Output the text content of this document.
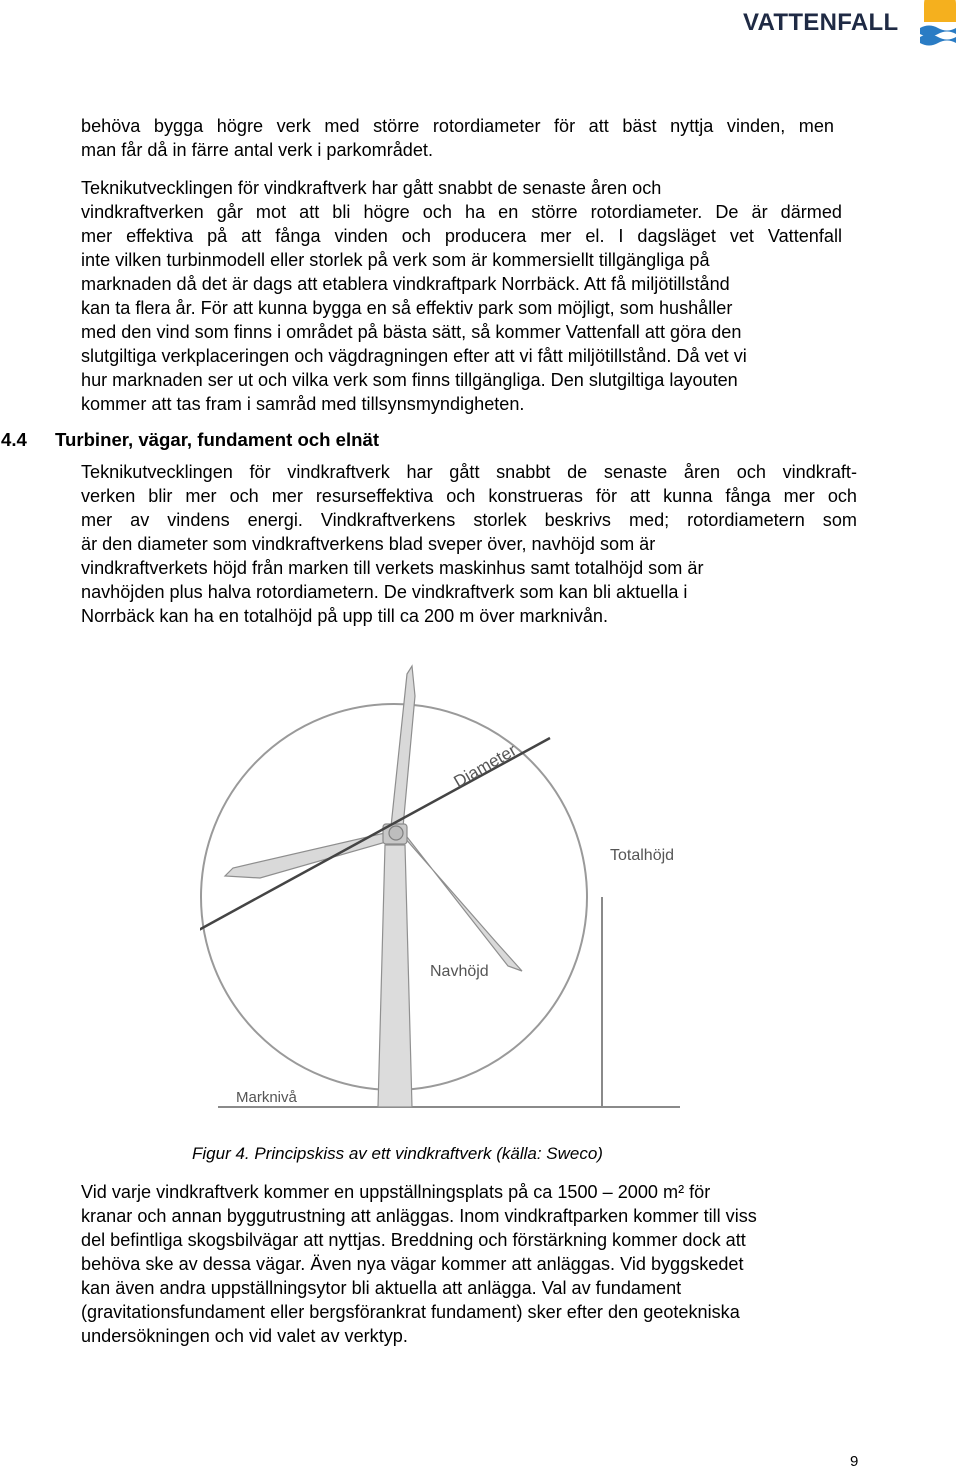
VATTENFALL

behöva bygga högre verk med större rotordiameter för att bäst nyttja vinden, men
man får då in färre antal verk i parkområdet.

Teknikutvecklingen för vindkraftverk har gått snabbt de senaste åren och
vindkraftverken går mot att bli högre och ha en större rotordiameter. De är därmed
mer effektiva på att fånga vinden och producera mer el. I dagsläget vet Vattenfall
inte vilken turbinmodell eller storlek på verk som är kommersiellt tillgängliga på
marknaden då det är dags att etablera vindkraftpark Norrbäck. Att få miljötillstånd
kan ta flera år. För att kunna bygga en så effektiv park som möjligt, som hushåller
med den vind som finns i området på bästa sätt, så kommer Vattenfall att göra den
slutgiltiga verkplaceringen och vägdragningen efter att vi fått miljötillstånd. Då vet vi
hur marknaden ser ut och vilka verk som finns tillgängliga. Den slutgiltiga layouten
kommer att tas fram i samråd med tillsynsmyndigheten.

4.4 Turbiner, vägar, fundament och elnät

Teknikutvecklingen för vindkraftverk har gått snabbt de senaste åren och vindkraft-
verken blir mer och mer resurseffektiva och konstrueras för att kunna fånga mer och
mer av vindens energi. Vindkraftverkens storlek beskrivs med; rotordiametern som
är den diameter som vindkraftverkens blad sveper över, navhöjd som är
vindkraftverkets höjd från marken till verkets maskinhus samt totalhöjd som är
navhöjden plus halva rotordiametern. De vindkraftverk som kan bli aktuella i
Norrbäck kan ha en totalhöjd på upp till ca 200 m över marknivån.

Diameter
Totalhöjd
Navhöjd
Marknivå

Figur 4. Principskiss av ett vindkraftverk (källa: Sweco)

Vid varje vindkraftverk kommer en uppställningsplats på ca 1500 – 2000 m² för
kranar och annan byggutrustning att anläggas. Inom vindkraftparken kommer till viss
del befintliga skogsbilvägar att nyttjas. Breddning och förstärkning kommer dock att
behöva ske av dessa vägar. Även nya vägar kommer att anläggas. Vid byggskedet
kan även andra uppställningsytor bli aktuella att anlägga. Val av fundament
(gravitationsfundament eller bergsförankrat fundament) sker efter den geotekniska
undersökningen och vid valet av verktyp.

9
